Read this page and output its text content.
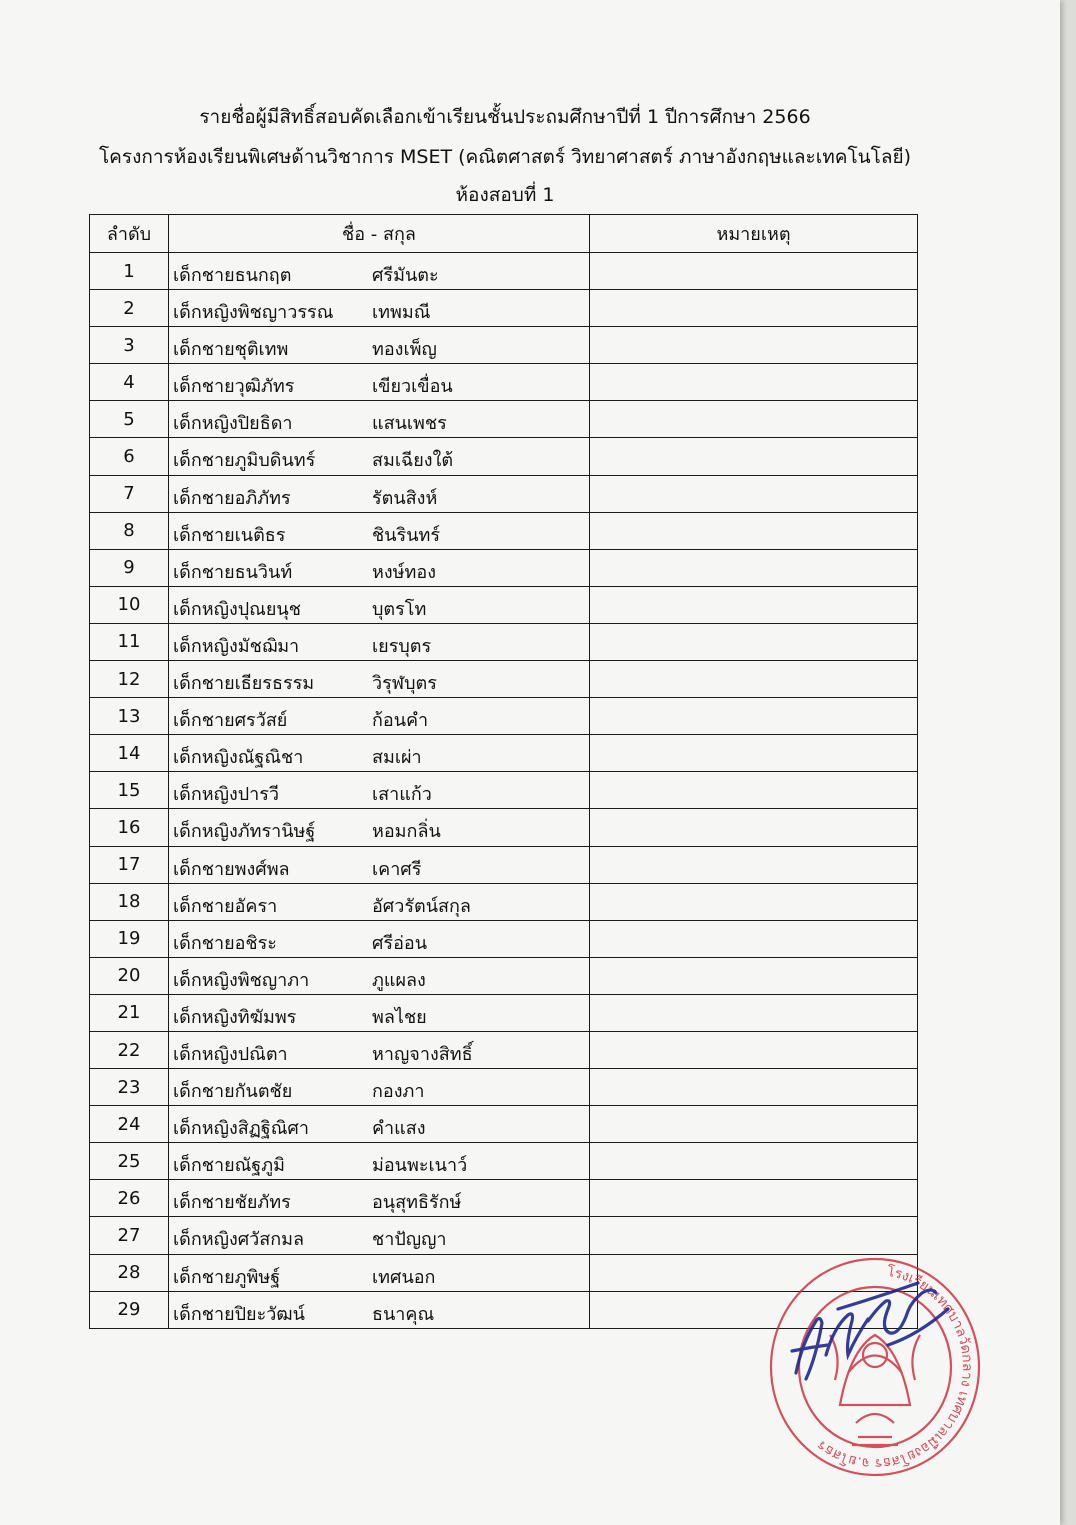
รายชื่อผู้มีสิทธิ์สอบคัดเลือกเข้าเรียนชั้นประถมศึกษาปีที่ 1 ปีการศึกษา 2566
โครงการห้องเรียนพิเศษด้านวิชาการ MSET (คณิตศาสตร์ วิทยาศาสตร์ ภาษาอังกฤษและเทคโนโลยี)
ห้องสอบที่ 1
ลำดับ	ชื่อ - สกุล	หมายเหตุ
1	เด็กชายธนกฤต ศรีมันตะ	

2	เด็กหญิงพิชญาวรรณ เทพมณี	

3	เด็กชายชุติเทพ ทองเพ็ญ	

4	เด็กชายวุฒิภัทร เขียวเขื่อน	

5	เด็กหญิงปิยธิดา แสนเพชร	

6	เด็กชายภูมิบดินทร์ สมเฉียงใต้	

7	เด็กชายอภิภัทร รัตนสิงห์	

8	เด็กชายเนติธร ชินรินทร์	

9	เด็กชายธนวินท์ หงษ์ทอง	

10	เด็กหญิงปุณยนุช บุตรโท	

11	เด็กหญิงมัชฌิมา เยรบุตร	

12	เด็กชายเธียรธรรม วิรุฬบุตร	

13	เด็กชายศรวัสย์ ก้อนคำ	

14	เด็กหญิงณัฐณิชา สมเผ่า	

15	เด็กหญิงปารวี เสาแก้ว	

16	เด็กหญิงภัทรานิษฐ์ หอมกลิ่น	

17	เด็กชายพงศ์พล เคาศรี	

18	เด็กชายอัครา อัศวรัตน์สกุล	

19	เด็กชายอชิระ ศรีอ่อน	

20	เด็กหญิงพิชญาภา ภูแผลง	

21	เด็กหญิงทิฆัมพร พลไชย	

22	เด็กหญิงปณิตา หาญจางสิทธิ์	

23	เด็กชายกันตชัย กองภา	

24	เด็กหญิงสิฏฐิณิศา คำแสง	

25	เด็กชายณัฐภูมิ ม่อนพะเนาว์	

26	เด็กชายชัยภัทร อนุสุทธิรักษ์	

27	เด็กหญิงศวัสกมล ชาปัญญา	

28	เด็กชายภูพิษฐ์ เทศนอก	

29	เด็กชายปิยะวัฒน์ ธนาคุณ	

โรงเรียนเทศบาลวัดกลาง เทศบาลเมืองยโสธร จ.ยโสธร
